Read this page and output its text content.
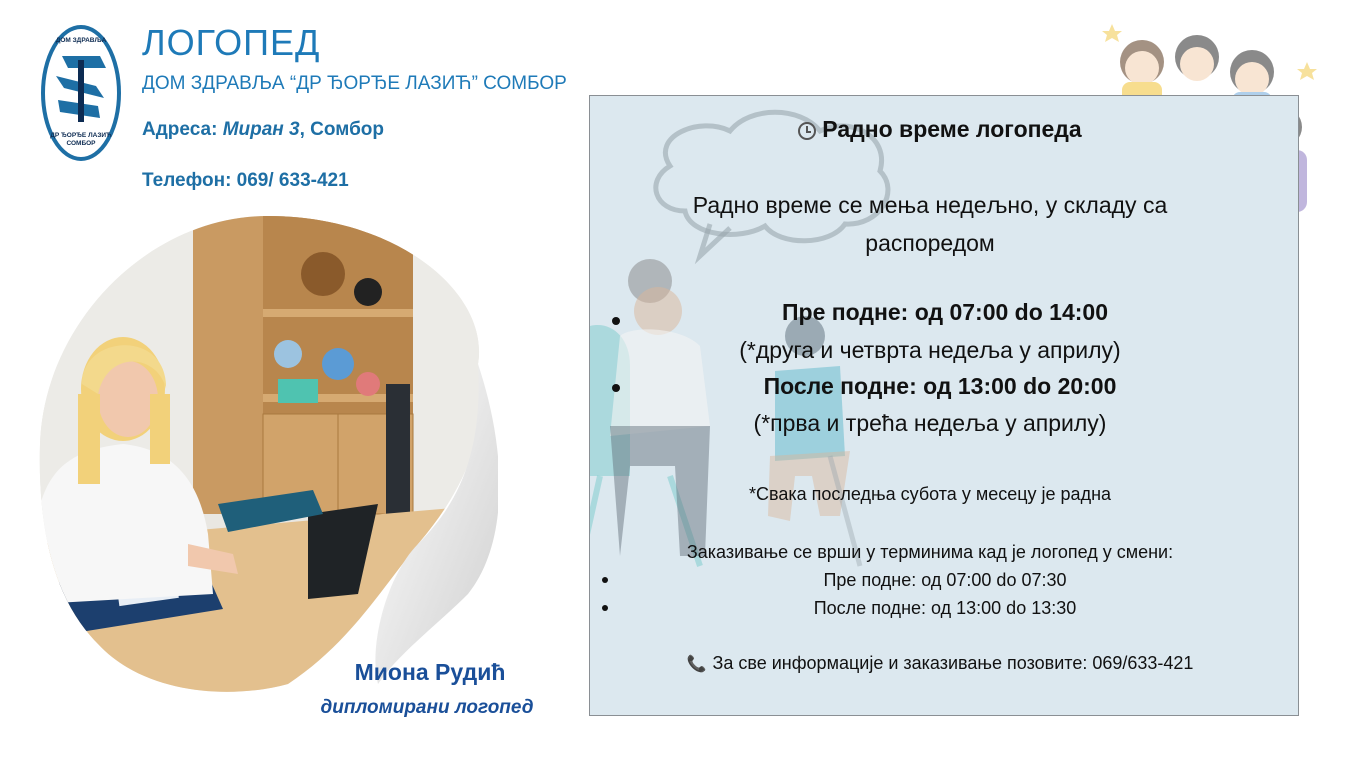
ДОМ ЗДРАВЉА
ДР ЂОРЂЕ ЛАЗИЋ
СОМБОР
ЛОГОПЕД
ДОМ ЗДРАВЉА “ДР ЂОРЂЕ ЛАЗИЋ” СОМБОР
Адреса: Миран 3, Сомбор
Телефон: 069/ 633-421
Миона Рудић
дипломирани логопед
Радно време логопеда
Радно време се мења недељно, у складу са распоредом
Пре подне: од 07:00 do 14:00
(*друга и четврта недеља у априлу)
После подне: од 13:00 do 20:00
(*прва и трећа недеља у априлу)
*Свака последња субота у месецу је радна
Заказивање се врши у терминима кад је логопед у смени:
Пре подне: од 07:00 do 07:30
После подне: од 13:00 do 13:30
📞 За све информације и заказивање позовите: 069/633-421
